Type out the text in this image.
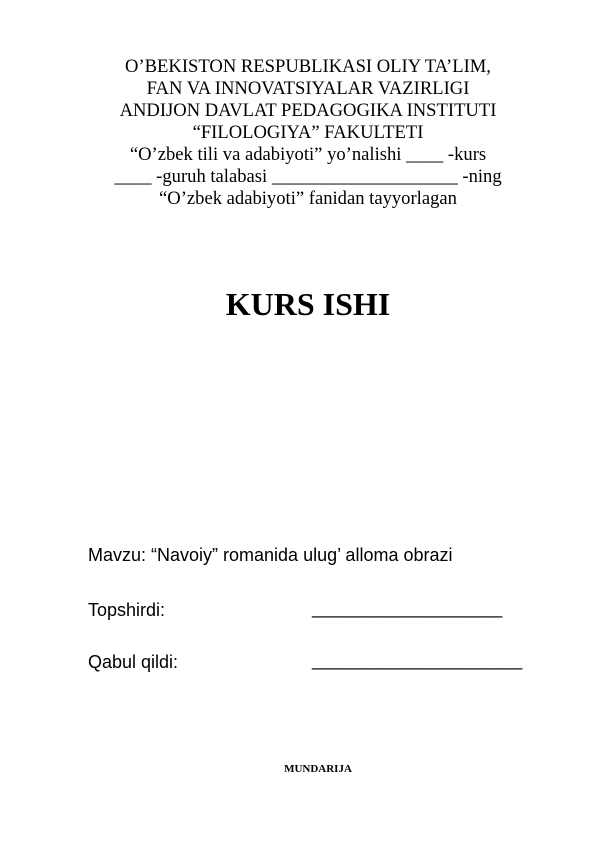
O’BEKISTON RESPUBLIKASI OLIY TA’LIM,
FAN VA INNOVATSIYALAR VAZIRLIGI
ANDIJON DAVLAT PEDAGOGIKA INSTITUTI
“FILOLOGIYA” FAKULTETI
“O’zbek tili va adabiyoti” yo’nalishi ____ -kurs
____ -guruh talabasi ____________________ -ning
“O’zbek adabiyoti” fanidan tayyorlagan
KURS ISHI
Mavzu: “Navoiy” romanida ulug’ alloma obrazi
Topshirdi:	___________________
Qabul qildi:	_____________________
MUNDARIJA
